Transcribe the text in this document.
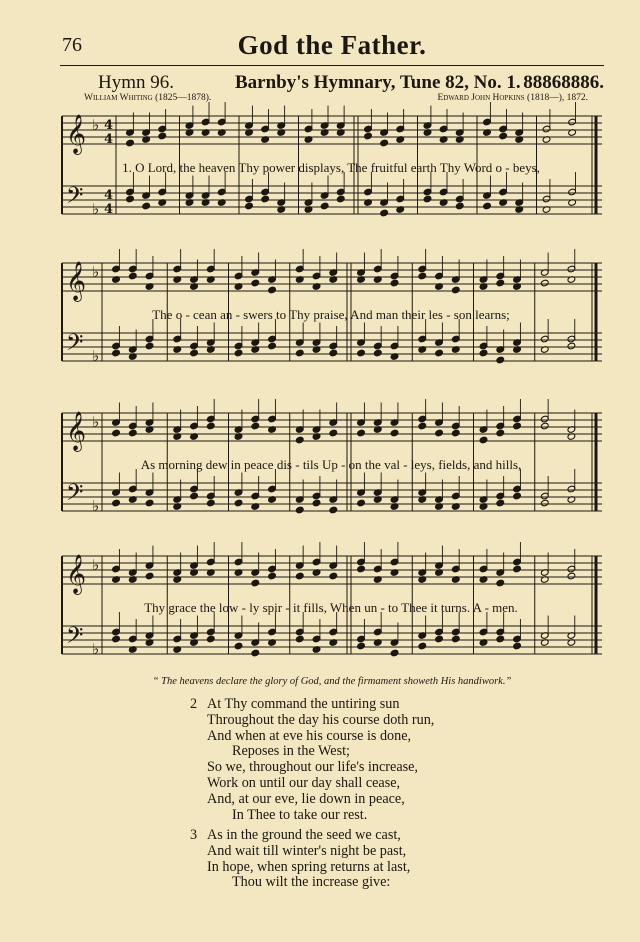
76	God the Father.
Hymn 96.	Barnby's Hymnary, Tune 82, No. 1. 88868886.
William Whiting (1825—1878).	Edward John Hopkins (1818—), 1872.
𝄞
𝄢
♭
♭
4
4
4
4
1. O Lord, the heaven Thy power displays, The fruitful earth Thy Word o - beys,
𝄞
𝄢
♭
♭
The o - cean an - swers to Thy praise, And man their les - son learns;
𝄞
𝄢
♭
♭
As morning dew in peace dis - tils Up - on the val - leys, fields, and hills,
𝄞
𝄢
♭
♭
Thy grace the low - ly spir - it fills, When un - to Thee it turns. A - men.
“ The heavens declare the glory of God, and the firmament showeth His handiwork.”
2 At Thy command the untiring sun
Throughout the day his course doth run,
And when at eve his course is done,
Reposes in the West;
So we, throughout our life's increase,
Work on until our day shall cease,
And, at our eve, lie down in peace,
In Thee to take our rest.
3 As in the ground the seed we cast,
And wait till winter's night be past,
In hope, when spring returns at last,
Thou wilt the increase give:
